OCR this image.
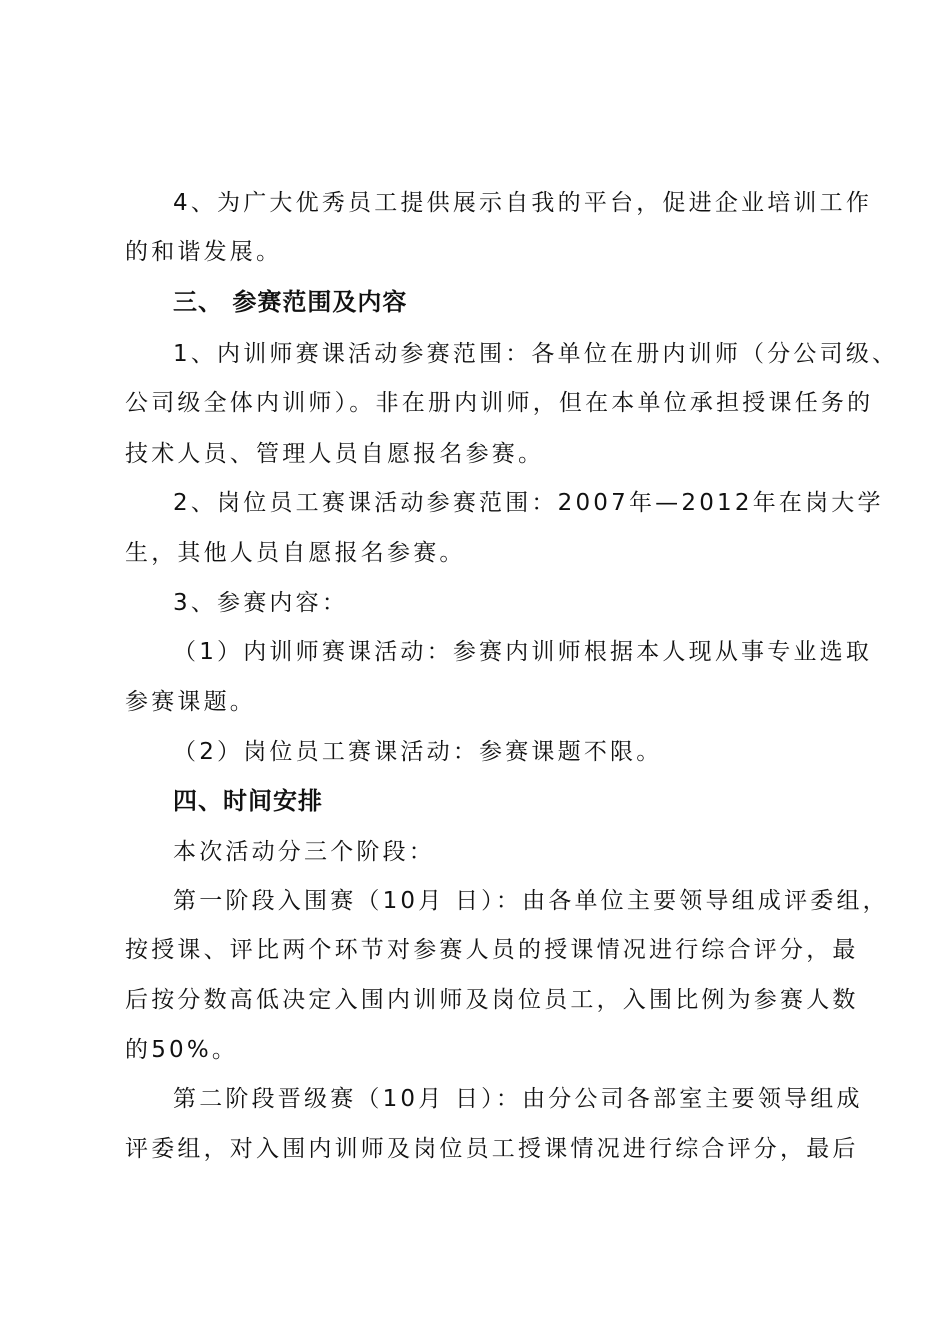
4、为广大优秀员工提供展示自我的平台，促进企业培训工作
的和谐发展。
三、 参赛范围及内容
1、内训师赛课活动参赛范围：各单位在册内训师（分公司级、
公司级全体内训师）。非在册内训师，但在本单位承担授课任务的
技术人员、管理人员自愿报名参赛。
2、岗位员工赛课活动参赛范围：2007年—2012年在岗大学
生，其他人员自愿报名参赛。
3、参赛内容：
（1）内训师赛课活动：参赛内训师根据本人现从事专业选取
参赛课题。
（2）岗位员工赛课活动：参赛课题不限。
四、时间安排
本次活动分三个阶段：
第一阶段入围赛（10月 日）：由各单位主要领导组成评委组，
按授课、评比两个环节对参赛人员的授课情况进行综合评分，最
后按分数高低决定入围内训师及岗位员工，入围比例为参赛人数
的50%。
第二阶段晋级赛（10月 日）：由分公司各部室主要领导组成
评委组，对入围内训师及岗位员工授课情况进行综合评分，最后
